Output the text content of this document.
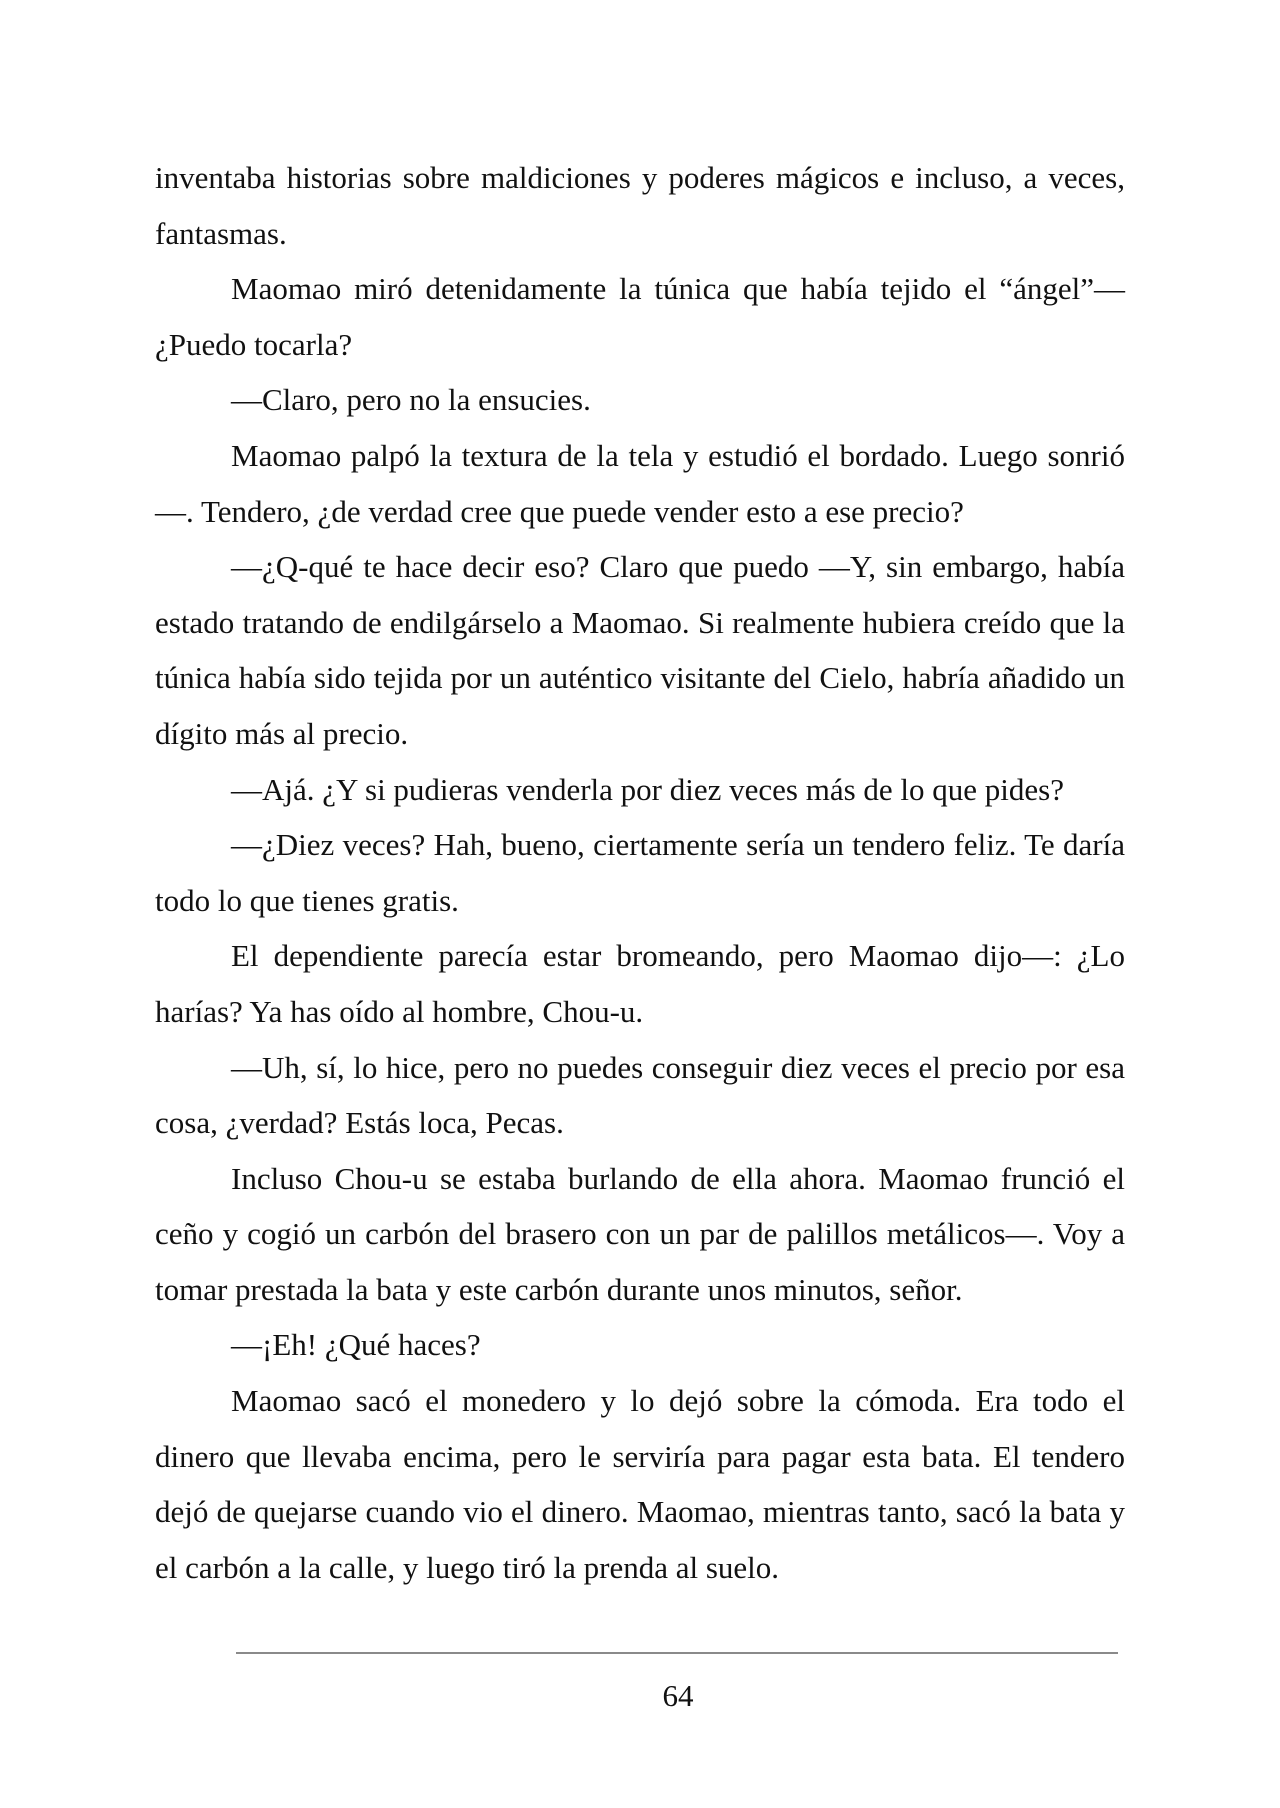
inventaba historias sobre maldiciones y poderes mágicos e incluso, a veces, fantasmas.

Maomao miró detenidamente la túnica que había tejido el “ángel”—¿Puedo tocarla?

—Claro, pero no la ensucies.

Maomao palpó la textura de la tela y estudió el bordado. Luego sonrió—. Tendero, ¿de verdad cree que puede vender esto a ese precio?

—¿Q-qué te hace decir eso? Claro que puedo —Y, sin embargo, había estado tratando de endilgárselo a Maomao. Si realmente hubiera creído que la túnica había sido tejida por un auténtico visitante del Cielo, habría añadido un dígito más al precio.

—Ajá. ¿Y si pudieras venderla por diez veces más de lo que pides?

—¿Diez veces? Hah, bueno, ciertamente sería un tendero feliz. Te daría todo lo que tienes gratis.

El dependiente parecía estar bromeando, pero Maomao dijo—: ¿Lo harías? Ya has oído al hombre, Chou-u.

—Uh, sí, lo hice, pero no puedes conseguir diez veces el precio por esa cosa, ¿verdad? Estás loca, Pecas.

Incluso Chou-u se estaba burlando de ella ahora. Maomao frunció el ceño y cogió un carbón del brasero con un par de palillos metálicos—. Voy a tomar prestada la bata y este carbón durante unos minutos, señor.

—¡Eh! ¿Qué haces?

Maomao sacó el monedero y lo dejó sobre la cómoda. Era todo el dinero que llevaba encima, pero le serviría para pagar esta bata. El tendero dejó de quejarse cuando vio el dinero. Maomao, mientras tanto, sacó la bata y el carbón a la calle, y luego tiró la prenda al suelo.

64
